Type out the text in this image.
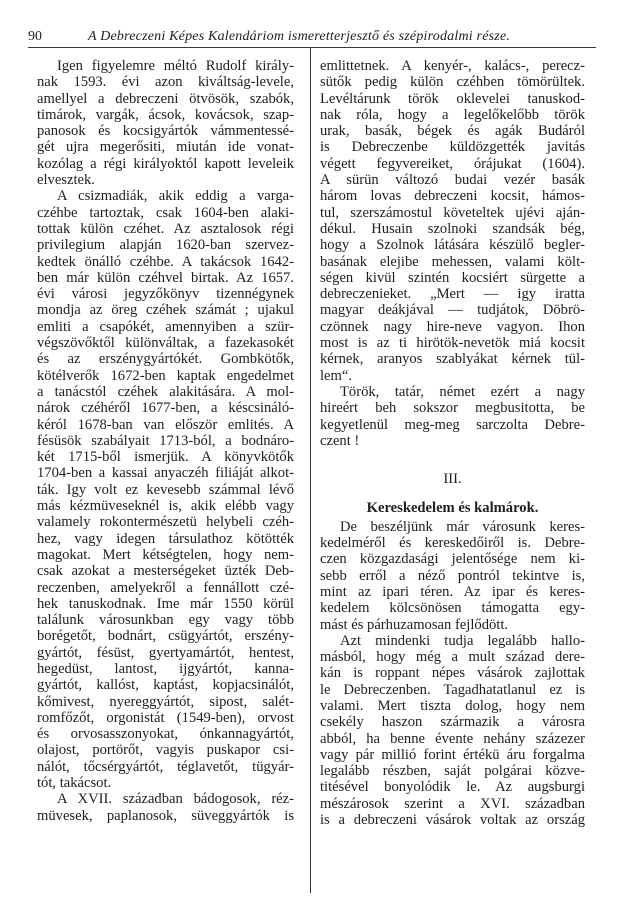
90	A Debreczeni Képes Kalendáriom ismeretterjesztő és szépirodalmi része.
Igen figyelemre méltó Rudolf király-
nak 1593. évi azon kiváltság-levele,
amellyel a debreczeni ötvösök, szabók,
timárok, vargák, ácsok, kovácsok, szap-
panosok és kocsigyártók vámmentessé-
gét ujra megerősiti, miután ide vonat-
kozólag a régi királyoktól kapott leveleik
elvesztek.
A csizmadiák, akik eddig a varga-
czéhbe tartoztak, csak 1604-ben alaki-
tottak külön czéhet. Az asztalosok régi
privilegium alapján 1620-ban szervez-
kedtek önálló czéhbe. A takácsok 1642-
ben már külön czéhvel birtak. Az 1657.
évi városi jegyzőkönyv tizennégynek
mondja az öreg czéhek számát ; ujakul
emliti a csapókét, amennyiben a szür-
végszövőktől különváltak, a fazekasokét
és az erszénygyártókét. Gombkötők,
kötélverők 1672-ben kaptak engedelmet
a tanácstól czéhek alakitására. A mol-
nárok czéhéről 1677-ben, a késcsináló-
kéról 1678-ban van először emlités. A
fésüsök szabályait 1713-ból, a bodnáro-
két 1715-ből ismerjük. A könyvkötők
1704-ben a kassai anyaczéh filiáját alkot-
ták. Igy volt ez kevesebb számmal lévő
más kézmüveseknél is, akik elébb vagy
valamely rokontermészetü helybeli czéh-
hez, vagy idegen társulathoz kötötték
magokat. Mert kétségtelen, hogy nem-
csak azokat a mesterségeket üzték Deb-
reczenben, amelyekről a fennállott czé-
hek tanuskodnak. Ime már 1550 körül
találunk városunkban egy vagy több
borégetőt, bodnárt, csügyártót, erszény-
gyártót, fésüst, gyertyamártót, hentest,
hegedüst, lantost, ijgyártót, kanna-
gyártót, kallóst, kaptást, kopjacsinálót,
kőmivest, nyereggyártót, sipost, salét-
romfőzőt, orgonistát (1549-ben), orvost
és orvosasszonyokat, ónkannagyártót,
olajost, portörőt, vagyis puskapor csi-
nálót, tőcsérgyártót, téglavetőt, tügyár-
tót, takácsot.
A XVII. században bádogosok, réz-
müvesek, paplanosok, süveggyártók is
emlittetnek. A kenyér-, kalács-, perecz-
sütők pedig külön czéhben tömörültek.
Levéltárunk török oklevelei tanuskod-
nak róla, hogy a legelőkelőbb török
urak, basák, bégek és agák Budáról
is Debreczenbe küldözgették javitás
végett fegyvereiket, órájukat (1604).
A sürün változó budai vezér basák
három lovas debreczeni kocsit, hámos-
tul, szerszámostul követeltek ujévi aján-
dékul. Husain szolnoki szandsák bég,
hogy a Szolnok látására készülő begler-
basának elejibe mehessen, valami költ-
ségen kivül szintén kocsiért sürgette a
debreczenieket. „Mert — igy iratta
magyar deákjával — tudjátok, Döbrö-
czönnek nagy hire-neve vagyon. Ihon
most is az ti hirötök-nevetök miá kocsit
kérnek, aranyos szablyákat kérnek tül-
lem“.
Török, tatár, német ezért a nagy
hireért beh sokszor megbusitotta, be
kegyetlenül meg-meg sarczolta Debre-
czent !
III.
Kereskedelem és kalmárok.
De beszéljünk már városunk keres-
kedelméről és kereskedőiről is. Debre-
czen közgazdasági jelentősége nem ki-
sebb erről a néző pontról tekintve is,
mint az ipari téren. Az ipar és keres-
kedelem kölcsönösen támogatta egy-
mást és párhuzamosan fejlődött.
Azt mindenki tudja legalább hallo-
másból, hogy még a mult század dere-
kán is roppant népes vásárok zajlottak
le Debreczenben. Tagadhatatlanul ez is
valami. Mert tiszta dolog, hogy nem
csekély haszon származik a városra
abból, ha benne évente nehány százezer
vagy pár millió forint értékü áru forgalma
legalább részben, saját polgárai közve-
titésével bonyolódik le. Az augsburgi
mészárosok szerint a XVI. században
is a debreczeni vásárok voltak az ország
